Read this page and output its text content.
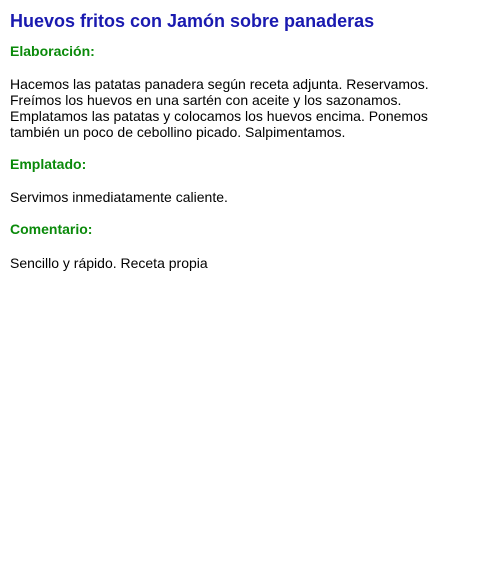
Huevos fritos con Jamón sobre panaderas
Elaboración:

Hacemos las patatas panadera según receta adjunta. Reservamos. Freímos los huevos en una sartén con aceite y los sazonamos. Emplatamos las patatas y colocamos los huevos encima. Ponemos también un poco de cebollino picado. Salpimentamos.

Emplatado:

Servimos inmediatamente caliente.

Comentario:

Sencillo y rápido. Receta propia
